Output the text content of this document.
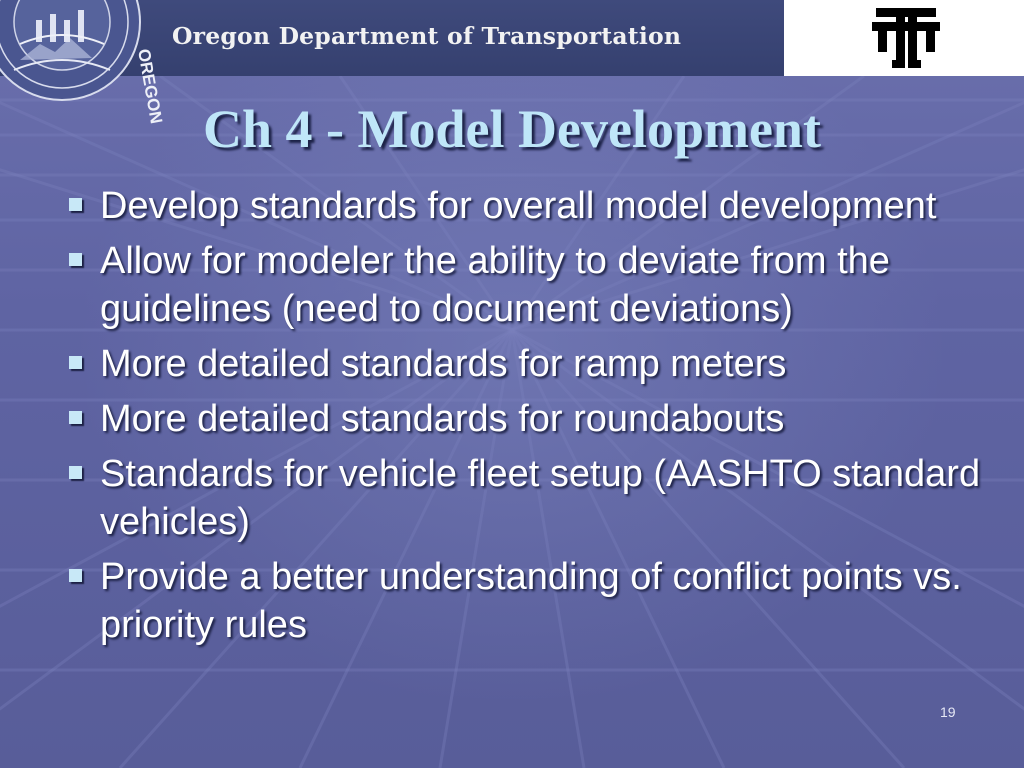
OREGON
Oregon Department of Transportation
Ch 4 - Model Development
Develop standards for overall model development
Allow for modeler the ability to deviate from the guidelines (need to document deviations)
More detailed standards for ramp meters
More detailed standards for roundabouts
Standards for vehicle fleet setup (AASHTO standard vehicles)
Provide a better understanding of conflict points vs. priority rules
19
